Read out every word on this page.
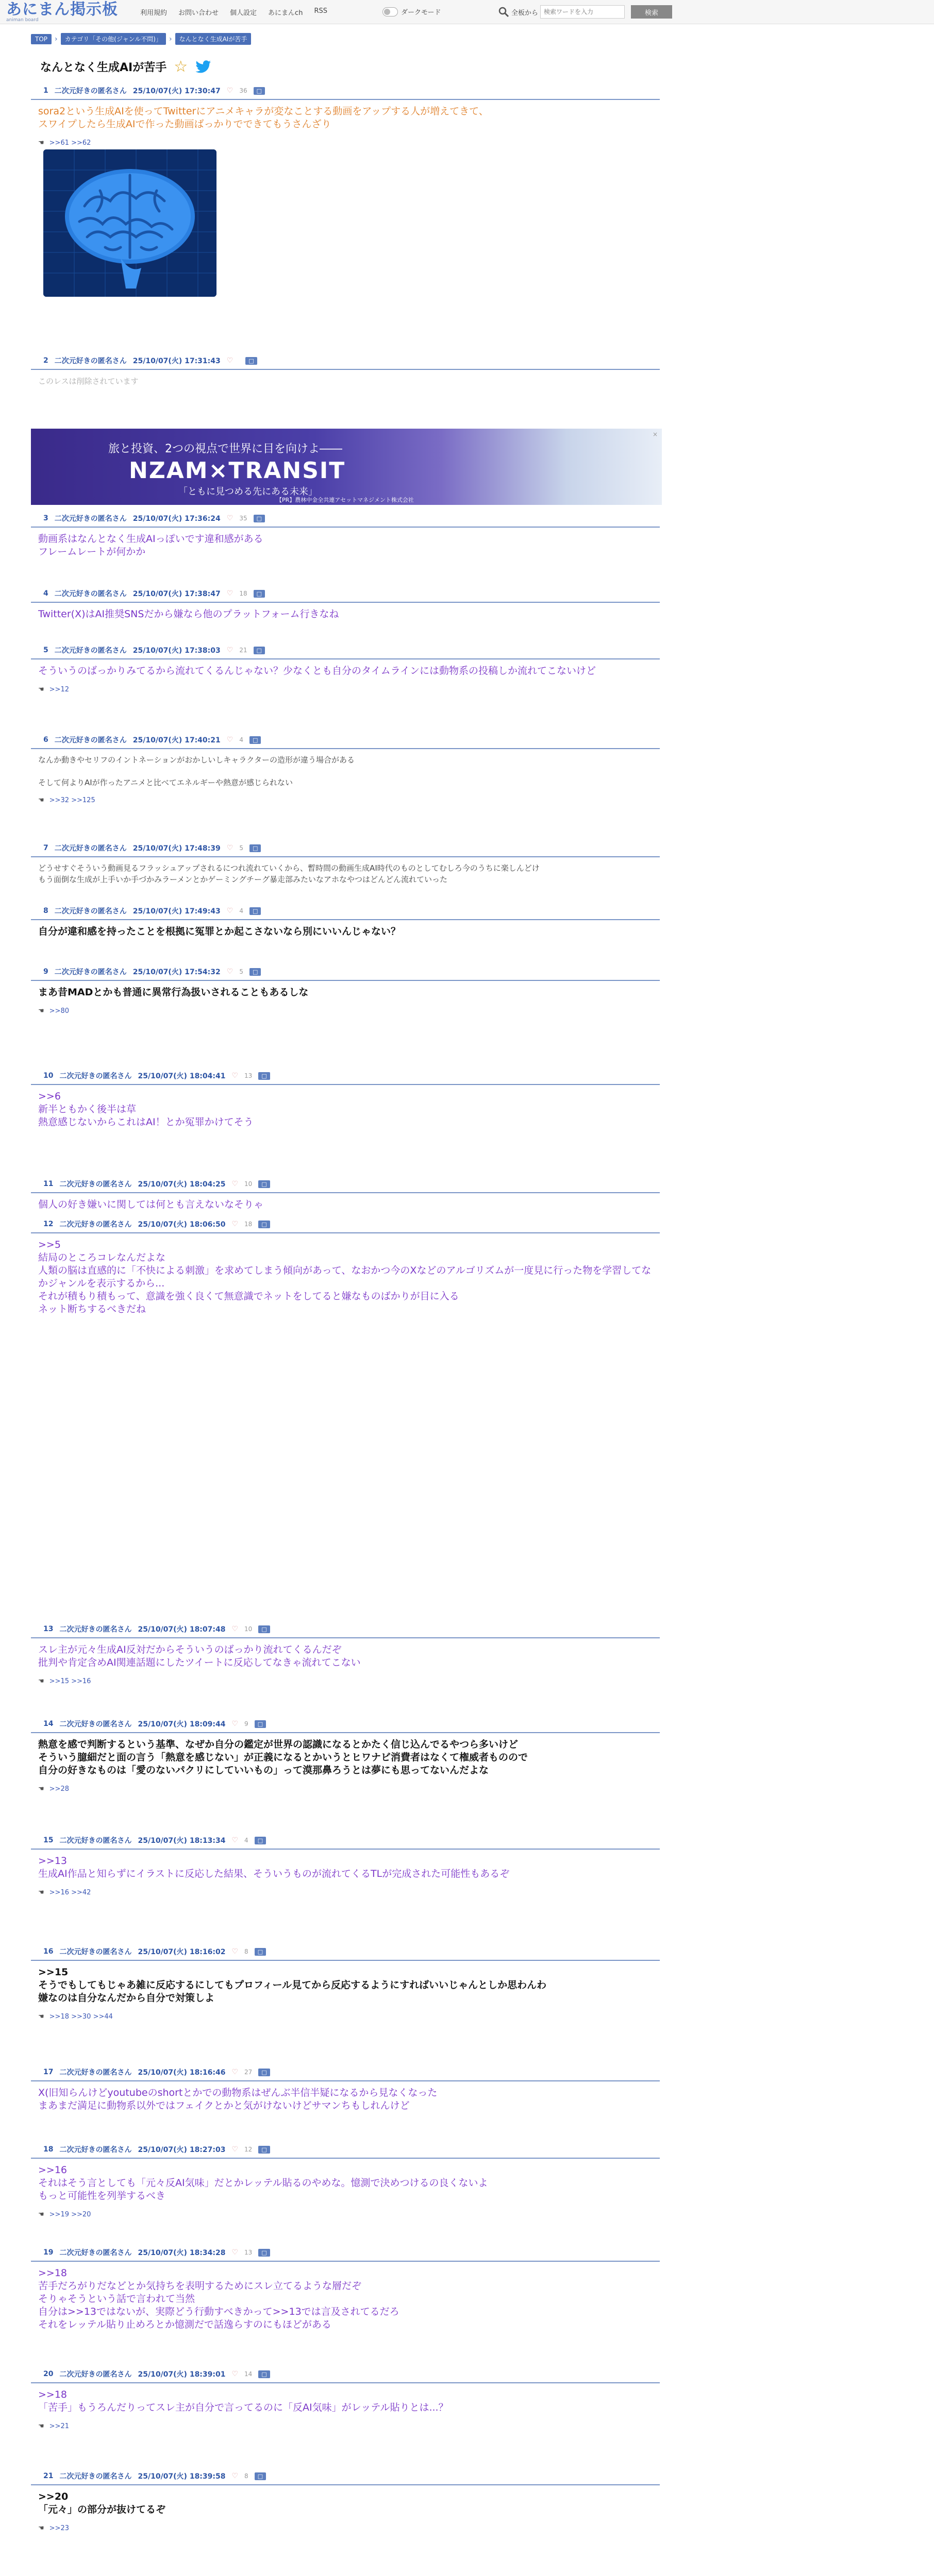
あにまん掲示板
animan board
利用規約 お問い合わせ 個人設定 あにまんch RSS	ダークモード	全板から
検索ワードを入力	検索
TOP	›	カテゴリ「その他(ジャンル不問)」	›	なんとなく生成AIが苦手
なんとなく生成AIが苦手 ☆
旅と投資、2つの視点で世界に目を向けよ――
NZAM×TRANSIT
「ともに見つめる先にある未来」
【PR】農林中金全共連アセットマネジメント株式会社
×
1 二次元好きの匿名さん 25/10/07(火) 17:30:47 ♡ 36	□
sora2という生成AIを使ってTwitterにアニメキャラが変なことする動画をアップする人が増えてきて、
スワイプしたら生成AIで作った動画ばっかりでできてもうさんざり
☚ >>61 >>62
2 二次元好きの匿名さん 25/10/07(火) 17:31:43 ♡	□
このレスは削除されています
3 二次元好きの匿名さん 25/10/07(火) 17:36:24 ♡ 35	□
動画系はなんとなく生成AIっぽいです違和感がある
フレームレートが何かか
4 二次元好きの匿名さん 25/10/07(火) 17:38:47 ♡ 18	□
Twitter(X)はAI推奨SNSだから嫌なら他のプラットフォーム行きなね
5 二次元好きの匿名さん 25/10/07(火) 17:38:03 ♡ 21	□
そういうのばっかりみてるから流れてくるんじゃない？少なくとも自分のタイムラインには動物系の投稿しか流れてこないけど
☚ >>12
6 二次元好きの匿名さん 25/10/07(火) 17:40:21 ♡ 4	□
なんか動きやセリフのイントネーションがおかしいしキャラクターの造形が違う場合がある

そして何よりAIが作ったアニメと比べてエネルギーや熱意が感じられない
☚ >>32 >>125
7 二次元好きの匿名さん 25/10/07(火) 17:48:39 ♡ 5	□
どうせすぐそういう動画見るフラッシュアップされるにつれ流れていくから、暫時間の動画生成AI時代のものとしてむしろ今のうちに楽しんどけ
もう面倒な生成が上手いか手づかみラーメンとかゲーミングチーグ暴走部みたいなアホなやつはどんどん流れていった
8 二次元好きの匿名さん 25/10/07(火) 17:49:43 ♡ 4	□
自分が違和感を持ったことを根拠に冤罪とか起こさないなら別にいいんじゃない？
9 二次元好きの匿名さん 25/10/07(火) 17:54:32 ♡ 5	□
まあ昔MADとかも普通に異常行為扱いされることもあるしな
☚ >>80
10 二次元好きの匿名さん 25/10/07(火) 18:04:41 ♡ 13	□
>>6
新半ともかく後半は草
熱意感じないからこれはAI！とか冤罪かけてそう
11 二次元好きの匿名さん 25/10/07(火) 18:04:25 ♡ 10	□
個人の好き嫌いに関しては何とも言えないなそりゃ
12 二次元好きの匿名さん 25/10/07(火) 18:06:50 ♡ 18	□
>>5
結局のところコレなんだよな
人類の脳は直感的に「不快による刺激」を求めてしまう傾向があって、なおかつ今のXなどのアルゴリズムが一度見に行った物を学習してなかジャンルを表示するから...
それが積もり積もって、意識を強く良くて無意識でネットをしてると嫌なものばかりが目に入る
ネット断ちするべきだね
13 二次元好きの匿名さん 25/10/07(火) 18:07:48 ♡ 10	□
スレ主が元々生成AI反対だからそういうのばっかり流れてくるんだぞ
批判や肯定含めAI関連話題にしたツイートに反応してなきゃ流れてこない
☚ >>15 >>16
14 二次元好きの匿名さん 25/10/07(火) 18:09:44 ♡ 9	□
熱意を感で判断するという基準、なぜか自分の鑑定が世界の認識になるとかたく信じ込んでるやつら多いけど
そういう臆細だと面の言う「熱意を感じない」が正義になるとかいうとヒワナビ消費者はなくて権威者ものので
自分の好きなものは「愛のないパクリにしていいもの」って漠那鼻ろうとは夢にも思ってないんだよな
☚ >>28
15 二次元好きの匿名さん 25/10/07(火) 18:13:34 ♡ 4	□
>>13
生成AI作品と知らずにイラストに反応した結果、そういうものが流れてくるTLが完成された可能性もあるぞ
☚ >>16 >>42
16 二次元好きの匿名さん 25/10/07(火) 18:16:02 ♡ 8	□
>>15
そうでもしてもじゃあ雑に反応するにしてもプロフィール見てから反応するようにすればいいじゃんとしか思わんわ
嫌なのは自分なんだから自分で対策しよ
☚ >>18 >>30 >>44
17 二次元好きの匿名さん 25/10/07(火) 18:16:46 ♡ 27	□
X(旧知らんけどyoutubeのshortとかでの動物系はぜんぶ半信半疑になるから見なくなった
まあまだ満足に動物系以外ではフェイクとかと気がけないけどサマンちもしれんけど
18 二次元好きの匿名さん 25/10/07(火) 18:27:03 ♡ 12	□
>>16
それはそう言としても「元々反AI気味」だとかレッテル貼るのやめな。憶測で決めつけるの良くないよ
もっと可能性を列挙するべき
☚ >>19 >>20
19 二次元好きの匿名さん 25/10/07(火) 18:34:28 ♡ 13	□
>>18
苦手だろがりだなどとか気持ちを表明するためにスレ立てるような層だぞ
そりゃそうという話で言われて当然
自分は>>13ではないが、実際どう行動すべきかって>>13では言及されてるだろ
それをレッテル貼り止めろとか憶測だで話逸らすのにもほどがある
20 二次元好きの匿名さん 25/10/07(火) 18:39:01 ♡ 14	□
>>18
「苦手」もうろんだりってスレ主が自分で言ってるのに「反AI気味」がレッテル貼りとは...？
☚ >>21
21 二次元好きの匿名さん 25/10/07(火) 18:39:58 ♡ 8	□
>>20
「元々」の部分が抜けてるぞ
☚ >>23
